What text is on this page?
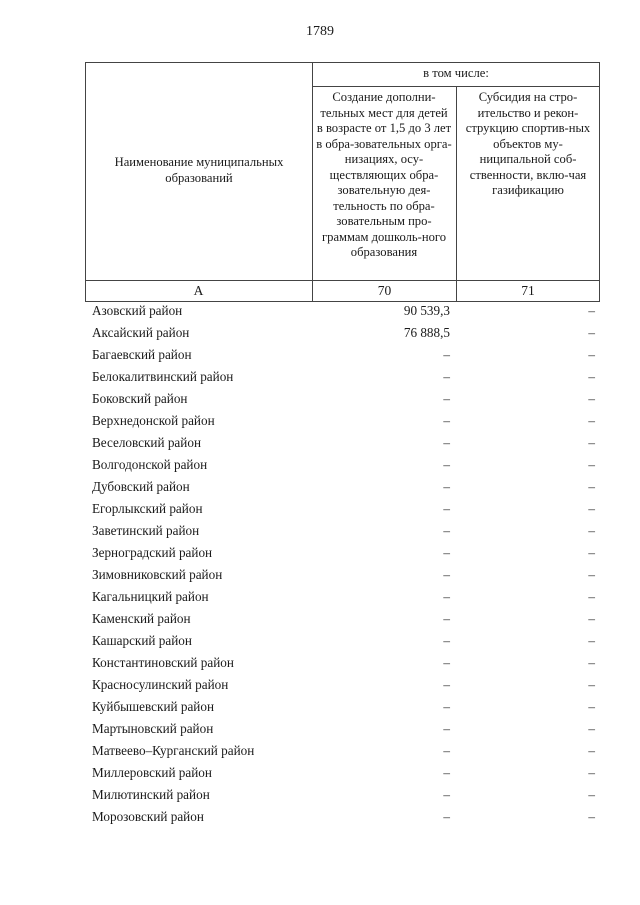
1789
в том числе:
Наименование муниципальных образований
Создание дополни-тельных мест для детей в возрасте от 1,5 до 3 лет в обра-зовательных орга-низациях, осу-ществляющих обра-зовательную дея-тельность по обра-зовательным про-граммам дошколь-ного образования
Субсидия на стро-ительство и рекон-струкцию спортив-ных объектов му-ниципальной соб-ственности, вклю-чая газификацию
А	70	71
Азовский район	90 539,3	–
Аксайский район	76 888,5	–
Багаевский район	–	–
Белокалитвинский район	–	–
Боковский район	–	–
Верхнедонской район	–	–
Веселовский район	–	–
Волгодонской район	–	–
Дубовский район	–	–
Егорлыкский район	–	–
Заветинский район	–	–
Зерноградский район	–	–
Зимовниковский район	–	–
Кагальницкий район	–	–
Каменский район	–	–
Кашарский район	–	–
Константиновский район	–	–
Красносулинский район	–	–
Куйбышевский район	–	–
Мартыновский район	–	–
Матвеево–Курганский район	–	–
Миллеровский район	–	–
Милютинский район	–	–
Морозовский район	–	–
